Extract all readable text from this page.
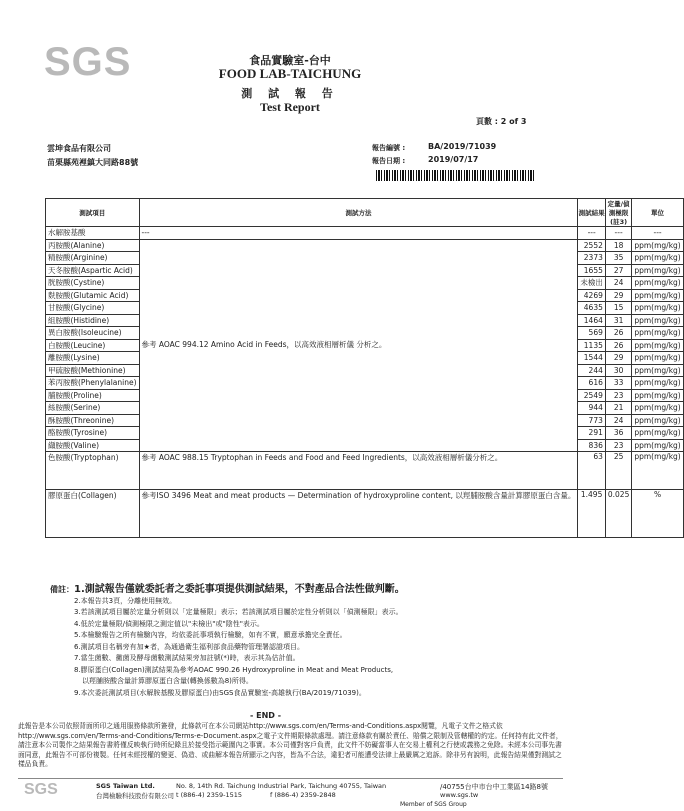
SGS	食品實驗室-台中
FOOD LAB-TAICHUNG
測 試 報 告
Test Report
頁數 : 2 of 3
雲坤食品有限公司
苗栗縣苑裡鎮大同路88號
報告編號 :	BA/2019/71039
報告日期 :	2019/07/17
測試項目	測試方法	測試結果	定量/偵測極限(註3)	單位
水解胺基酸	---	---	---	---
丙胺酸(Alanine)	參考 AOAC 994.12 Amino Acid in Feeds，以高效液相層析儀 分析之。	2552	18	ppm(mg/kg)
精胺酸(Arginine)		2373	35	ppm(mg/kg)
天冬胺酸(Aspartic Acid)		1655	27	ppm(mg/kg)
胱胺酸(Cystine)		未檢出	24	ppm(mg/kg)
麩胺酸(Glutamic Acid)		4269	29	ppm(mg/kg)
甘胺酸(Glycine)		4635	15	ppm(mg/kg)
組胺酸(Histidine)		1464	31	ppm(mg/kg)
異白胺酸(Isoleucine)		569	26	ppm(mg/kg)
白胺酸(Leucine)		1135	26	ppm(mg/kg)
離胺酸(Lysine)		1544	29	ppm(mg/kg)
甲硫胺酸(Methionine)		244	30	ppm(mg/kg)
苯丙胺酸(Phenylalanine)		616	33	ppm(mg/kg)
脯胺酸(Proline)		2549	23	ppm(mg/kg)
絲胺酸(Serine)		944	21	ppm(mg/kg)
酥胺酸(Threonine)		773	24	ppm(mg/kg)
酪胺酸(Tyrosine)		291	36	ppm(mg/kg)
纈胺酸(Valine)		836	23	ppm(mg/kg)
色胺酸(Tryptophan)	參考 AOAC 988.15 Tryptophan in Feeds and Food and Feed Ingredients，以高效液相層析儀分析之。	63	25	ppm(mg/kg)
膠原蛋白(Collagen)	參考ISO 3496 Meat and meat products — Determination of hydroxyproline content, 以羥脯胺酸含量計算膠原蛋白含量。	1.495	0.025	%
備註： 1.測試報告僅就委託者之委託事項提供測試結果，不對產品合法性做判斷。
2.本報告共3頁，分離使用無效。
3.若該測試項目屬於定量分析則以「定量極限」表示；若該測試項目屬於定性分析則以「偵測極限」表示。
4.低於定量極限/偵測極限之測定值以"未檢出"或"陰性"表示。
5.本檢驗報告之所有檢驗內容，均依委託事項執行檢驗，如有不實，願意承擔完全責任。
6.測試項目名稱旁有加★者，為通過衛生福利部食品藥物管理署認證項目。
7.當生菌數、黴菌及酵母菌數測試結果旁加註號(*)時，表示其為估計值。
8.膠原蛋白(Collagen)測試結果為參考AOAC 990.26 Hydroxyproline in Meat and Meat Products,
以羥脯胺酸含量計算膠原蛋白含量(轉換係數為8)所得。
9.本次委託測試項目(水解胺基酸及膠原蛋白)由SGS食品實驗室-高雄執行(BA/2019/71039)。
- END -
此報告是本公司依照背面所印之通用服務條款所簽發，此條款可在本公司網站http://www.sgs.com/en/Terms-and-Conditions.aspx閱覽，凡電子文件之格式依http://www.sgs.com/en/Terms-and-Conditions/Terms-e-Document.aspx之電子文件期限條款處理。請注意條款有關於責任、賠償之限制及管轄權的約定。任何持有此文件者，請注意本公司製作之結果報告書將僅反映執行時所紀錄且於接受指示範圍內之事實。本公司僅對客戶負責，此文件不妨礙當事人在交易上權利之行使或義務之免除。未經本公司事先書面同意，此報告不可部份複製。任何未經授權的變更、偽造、或曲解本報告所顯示之內容，皆為不合法，違犯者可能遭受法律上最嚴厲之追訴。除非另有說明，此報告結果僅對測試之樣品負責。
SGS	SGS Taiwan Ltd.
台灣檢驗科技股份有限公司
No. 8, 14th Rd. Taichung Industrial Park, Taichung 40755, Taiwan
t (886-4) 2359-1515	f (886-4) 2359-2848
/40755台中市台中工業區14路8號
www.sgs.tw
Member of SGS Group
